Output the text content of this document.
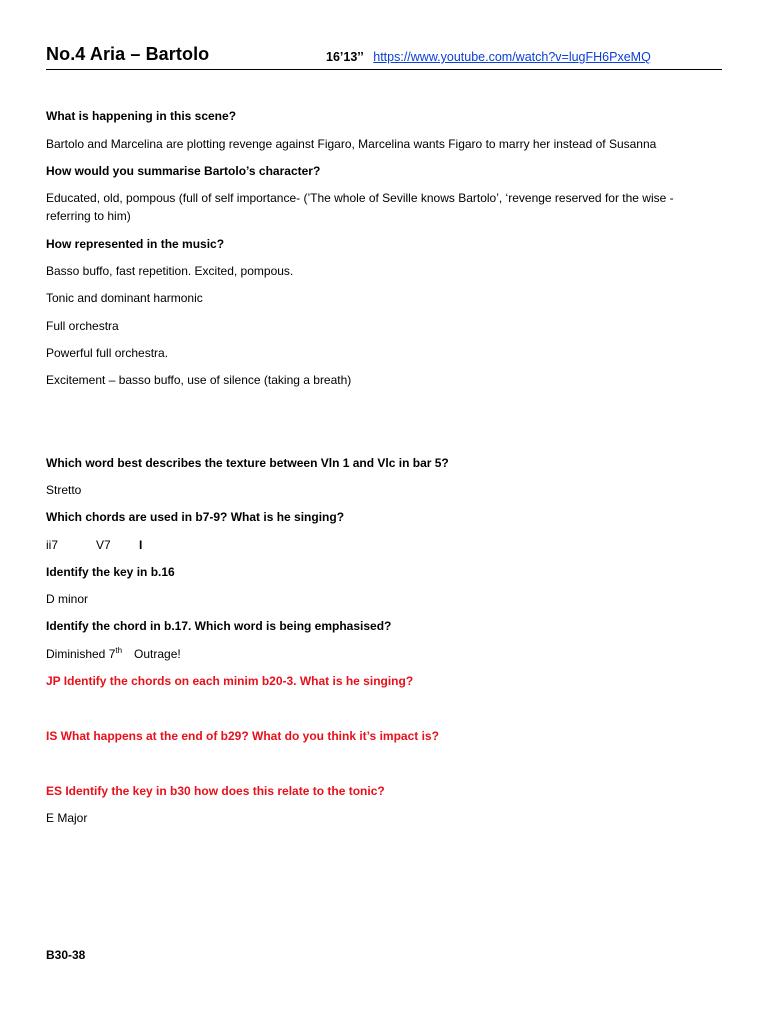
No.4 Aria – Bartolo	16’13’’ https://www.youtube.com/watch?v=lugFH6PxeMQ
What is happening in this scene?
Bartolo and Marcelina are plotting revenge against Figaro, Marcelina wants Figaro to marry her instead of Susanna
How would you summarise Bartolo’s character?
Educated, old, pompous (full of self importance- (’The whole of Seville knows Bartolo’, ‘revenge reserved for the wise -referring to him)
How represented in the music?
Basso buffo, fast repetition. Excited, pompous.
Tonic and dominant harmonic
Full orchestra
Powerful full orchestra.
Excitement – basso buffo, use of silence (taking a breath)
Which word best describes the texture between Vln 1 and Vlc in bar 5?
Stretto
Which chords are used in b7-9? What is he singing?
ii7	V7 I
Identify the key in b.16
D minor
Identify the chord in b.17. Which word is being emphasised?
Diminished 7th Outrage!
JP Identify the chords on each minim b20-3. What is he singing?
IS What happens at the end of b29? What do you think it’s impact is?
ES Identify the key in b30 how does this relate to the tonic?
E Major
B30-38
